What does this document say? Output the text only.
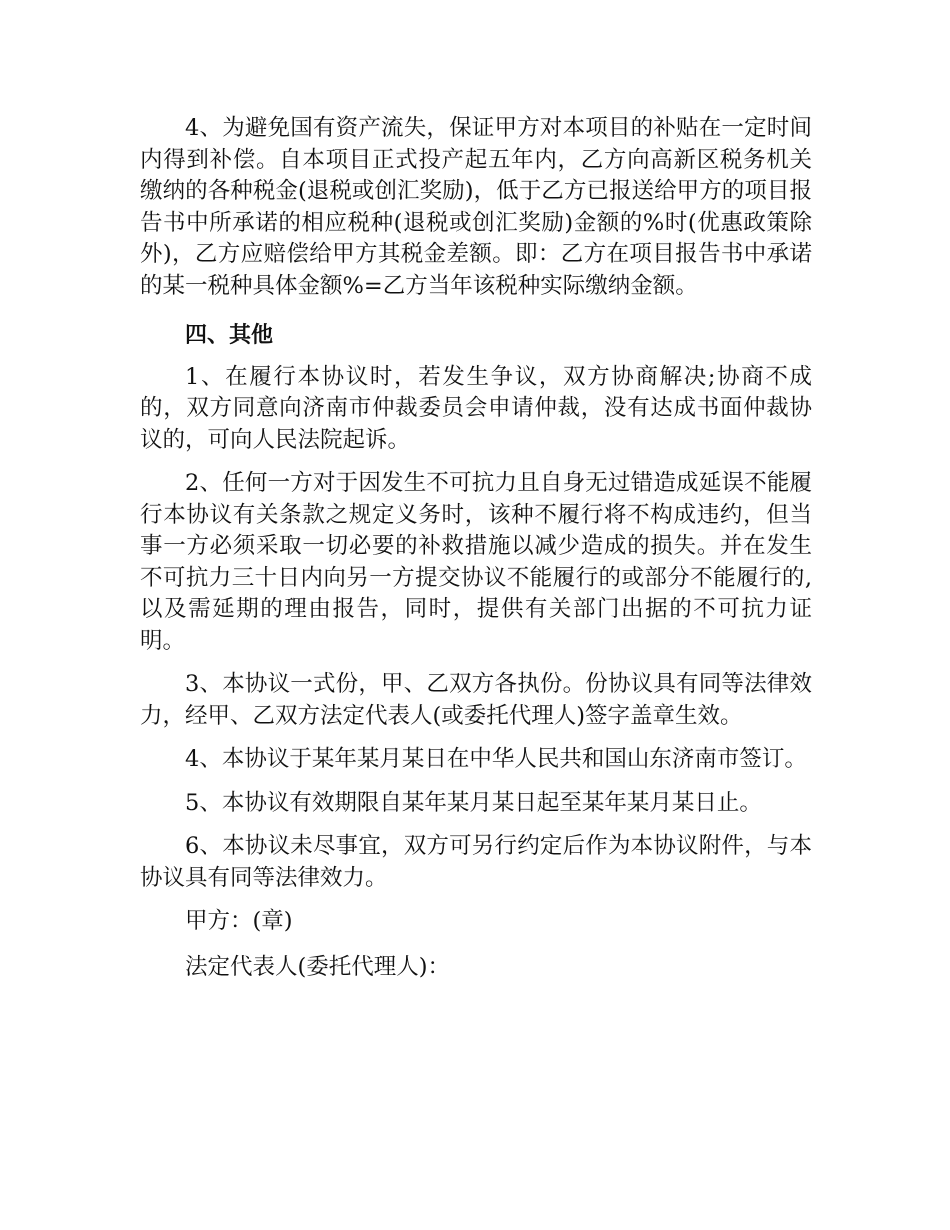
4、为避免国有资产流失，保证甲方对本项目的补贴在一定时间内得到补偿。自本项目正式投产起五年内，乙方向高新区税务机关缴纳的各种税金(退税或创汇奖励)，低于乙方已报送给甲方的项目报告书中所承诺的相应税种(退税或创汇奖励)金额的%时(优惠政策除外)，乙方应赔偿给甲方其税金差额。即：乙方在项目报告书中承诺的某一税种具体金额%=乙方当年该税种实际缴纳金额。

四、其他

1、在履行本协议时，若发生争议，双方协商解决;协商不成的，双方同意向济南市仲裁委员会申请仲裁，没有达成书面仲裁协议的，可向人民法院起诉。

2、任何一方对于因发生不可抗力且自身无过错造成延误不能履行本协议有关条款之规定义务时，该种不履行将不构成违约，但当事一方必须采取一切必要的补救措施以减少造成的损失。并在发生不可抗力三十日内向另一方提交协议不能履行的或部分不能履行的,以及需延期的理由报告，同时，提供有关部门出据的不可抗力证明。

3、本协议一式份，甲、乙双方各执份。份协议具有同等法律效力，经甲、乙双方法定代表人(或委托代理人)签字盖章生效。

4、本协议于某年某月某日在中华人民共和国山东济南市签订。

5、本协议有效期限自某年某月某日起至某年某月某日止。

6、本协议未尽事宜，双方可另行约定后作为本协议附件，与本协议具有同等法律效力。

甲方：(章)

法定代表人(委托代理人)：
